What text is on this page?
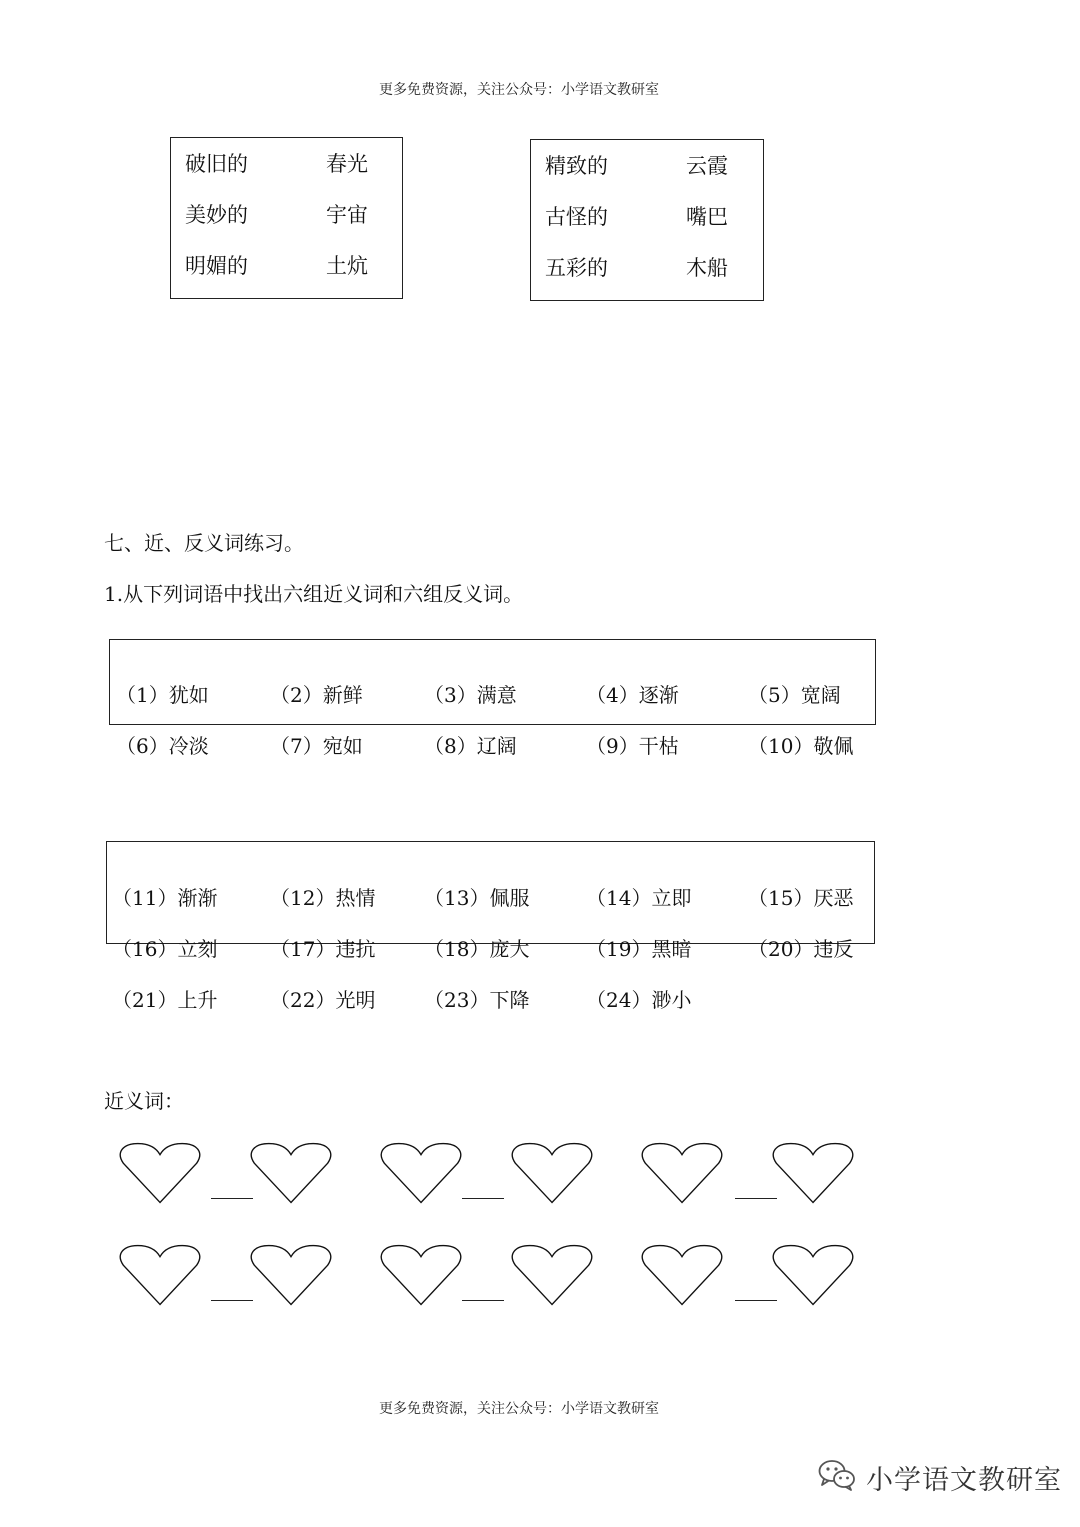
更多免费资源，关注公众号：小学语文教研室
破旧的	春光
美妙的	宇宙
明媚的	土炕
精致的	云霞
古怪的	嘴巴
五彩的	木船
七、近、反义词练习。
1.从下列词语中找出六组近义词和六组反义词。
（1）犹如	（2）新鲜	（3）满意	（4）逐渐	（5）宽阔
（6）冷淡	（7）宛如	（8）辽阔	（9）干枯	（10）敬佩
（11）渐渐	（12）热情 （13）佩服	（14）立即	（15）厌恶
（16）立刻	（17）违抗 （18）庞大	（19）黑暗	（20）违反
（21）上升	（22）光明 （23）下降	（24）渺小
近义词：
更多免费资源，关注公众号：小学语文教研室
小学语文教研室
